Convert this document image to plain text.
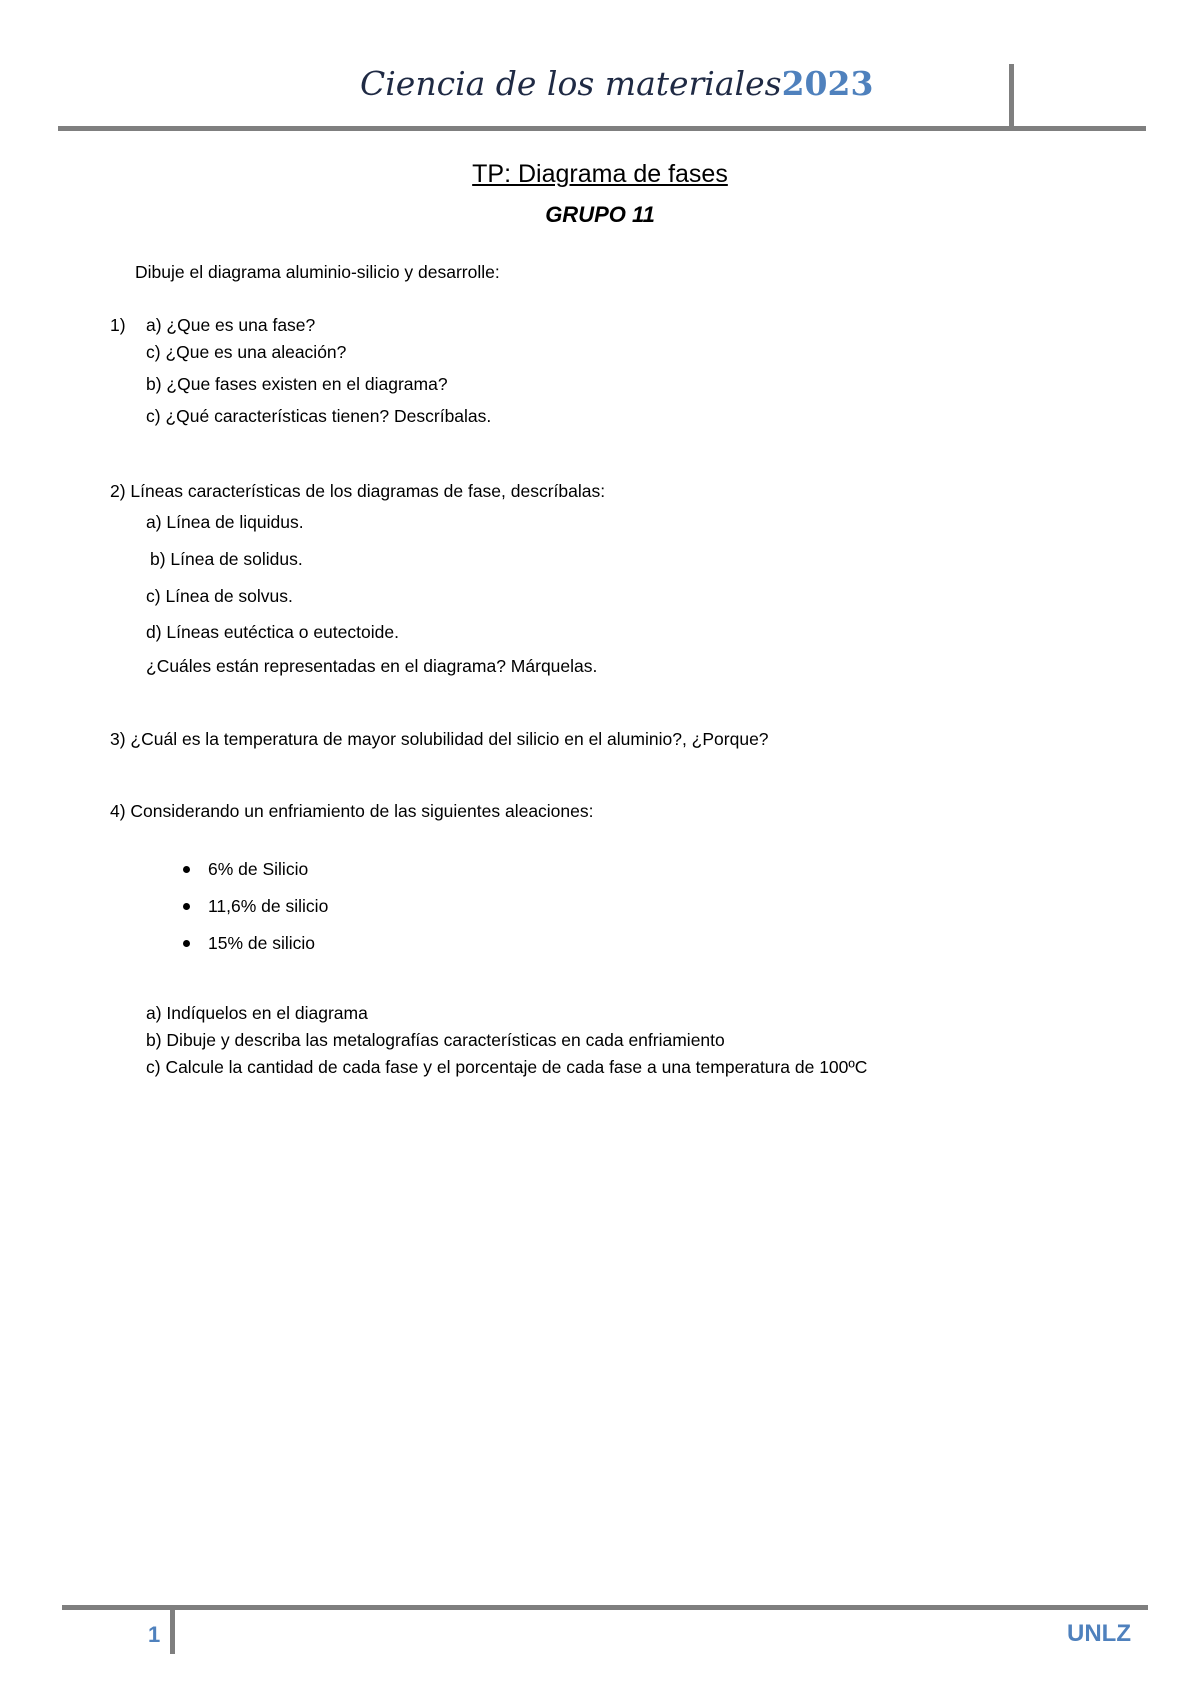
Ciencia de los materiales2023
TP: Diagrama de fases
GRUPO 11
Dibuje el diagrama aluminio-silicio y desarrolle:
1) a) ¿Que es una fase?
c) ¿Que es una aleación?
b) ¿Que fases existen en el diagrama?
c) ¿Qué características tienen? Descríbalas.
2) Líneas características de los diagramas de fase, descríbalas:
a) Línea de liquidus.
b) Línea de solidus.
c) Línea de solvus.
d) Líneas eutéctica o eutectoide.
¿Cuáles están representadas en el diagrama? Márquelas.
3) ¿Cuál es la temperatura de mayor solubilidad del silicio en el aluminio?, ¿Porque?
4) Considerando un enfriamiento de las siguientes aleaciones:
6% de Silicio
11,6% de silicio
15% de silicio
a) Indíquelos en el diagrama
b) Dibuje y describa las metalografías características en cada enfriamiento
c) Calcule la cantidad de cada fase y el porcentaje de cada fase a una temperatura de 100ºC
1	UNLZ
